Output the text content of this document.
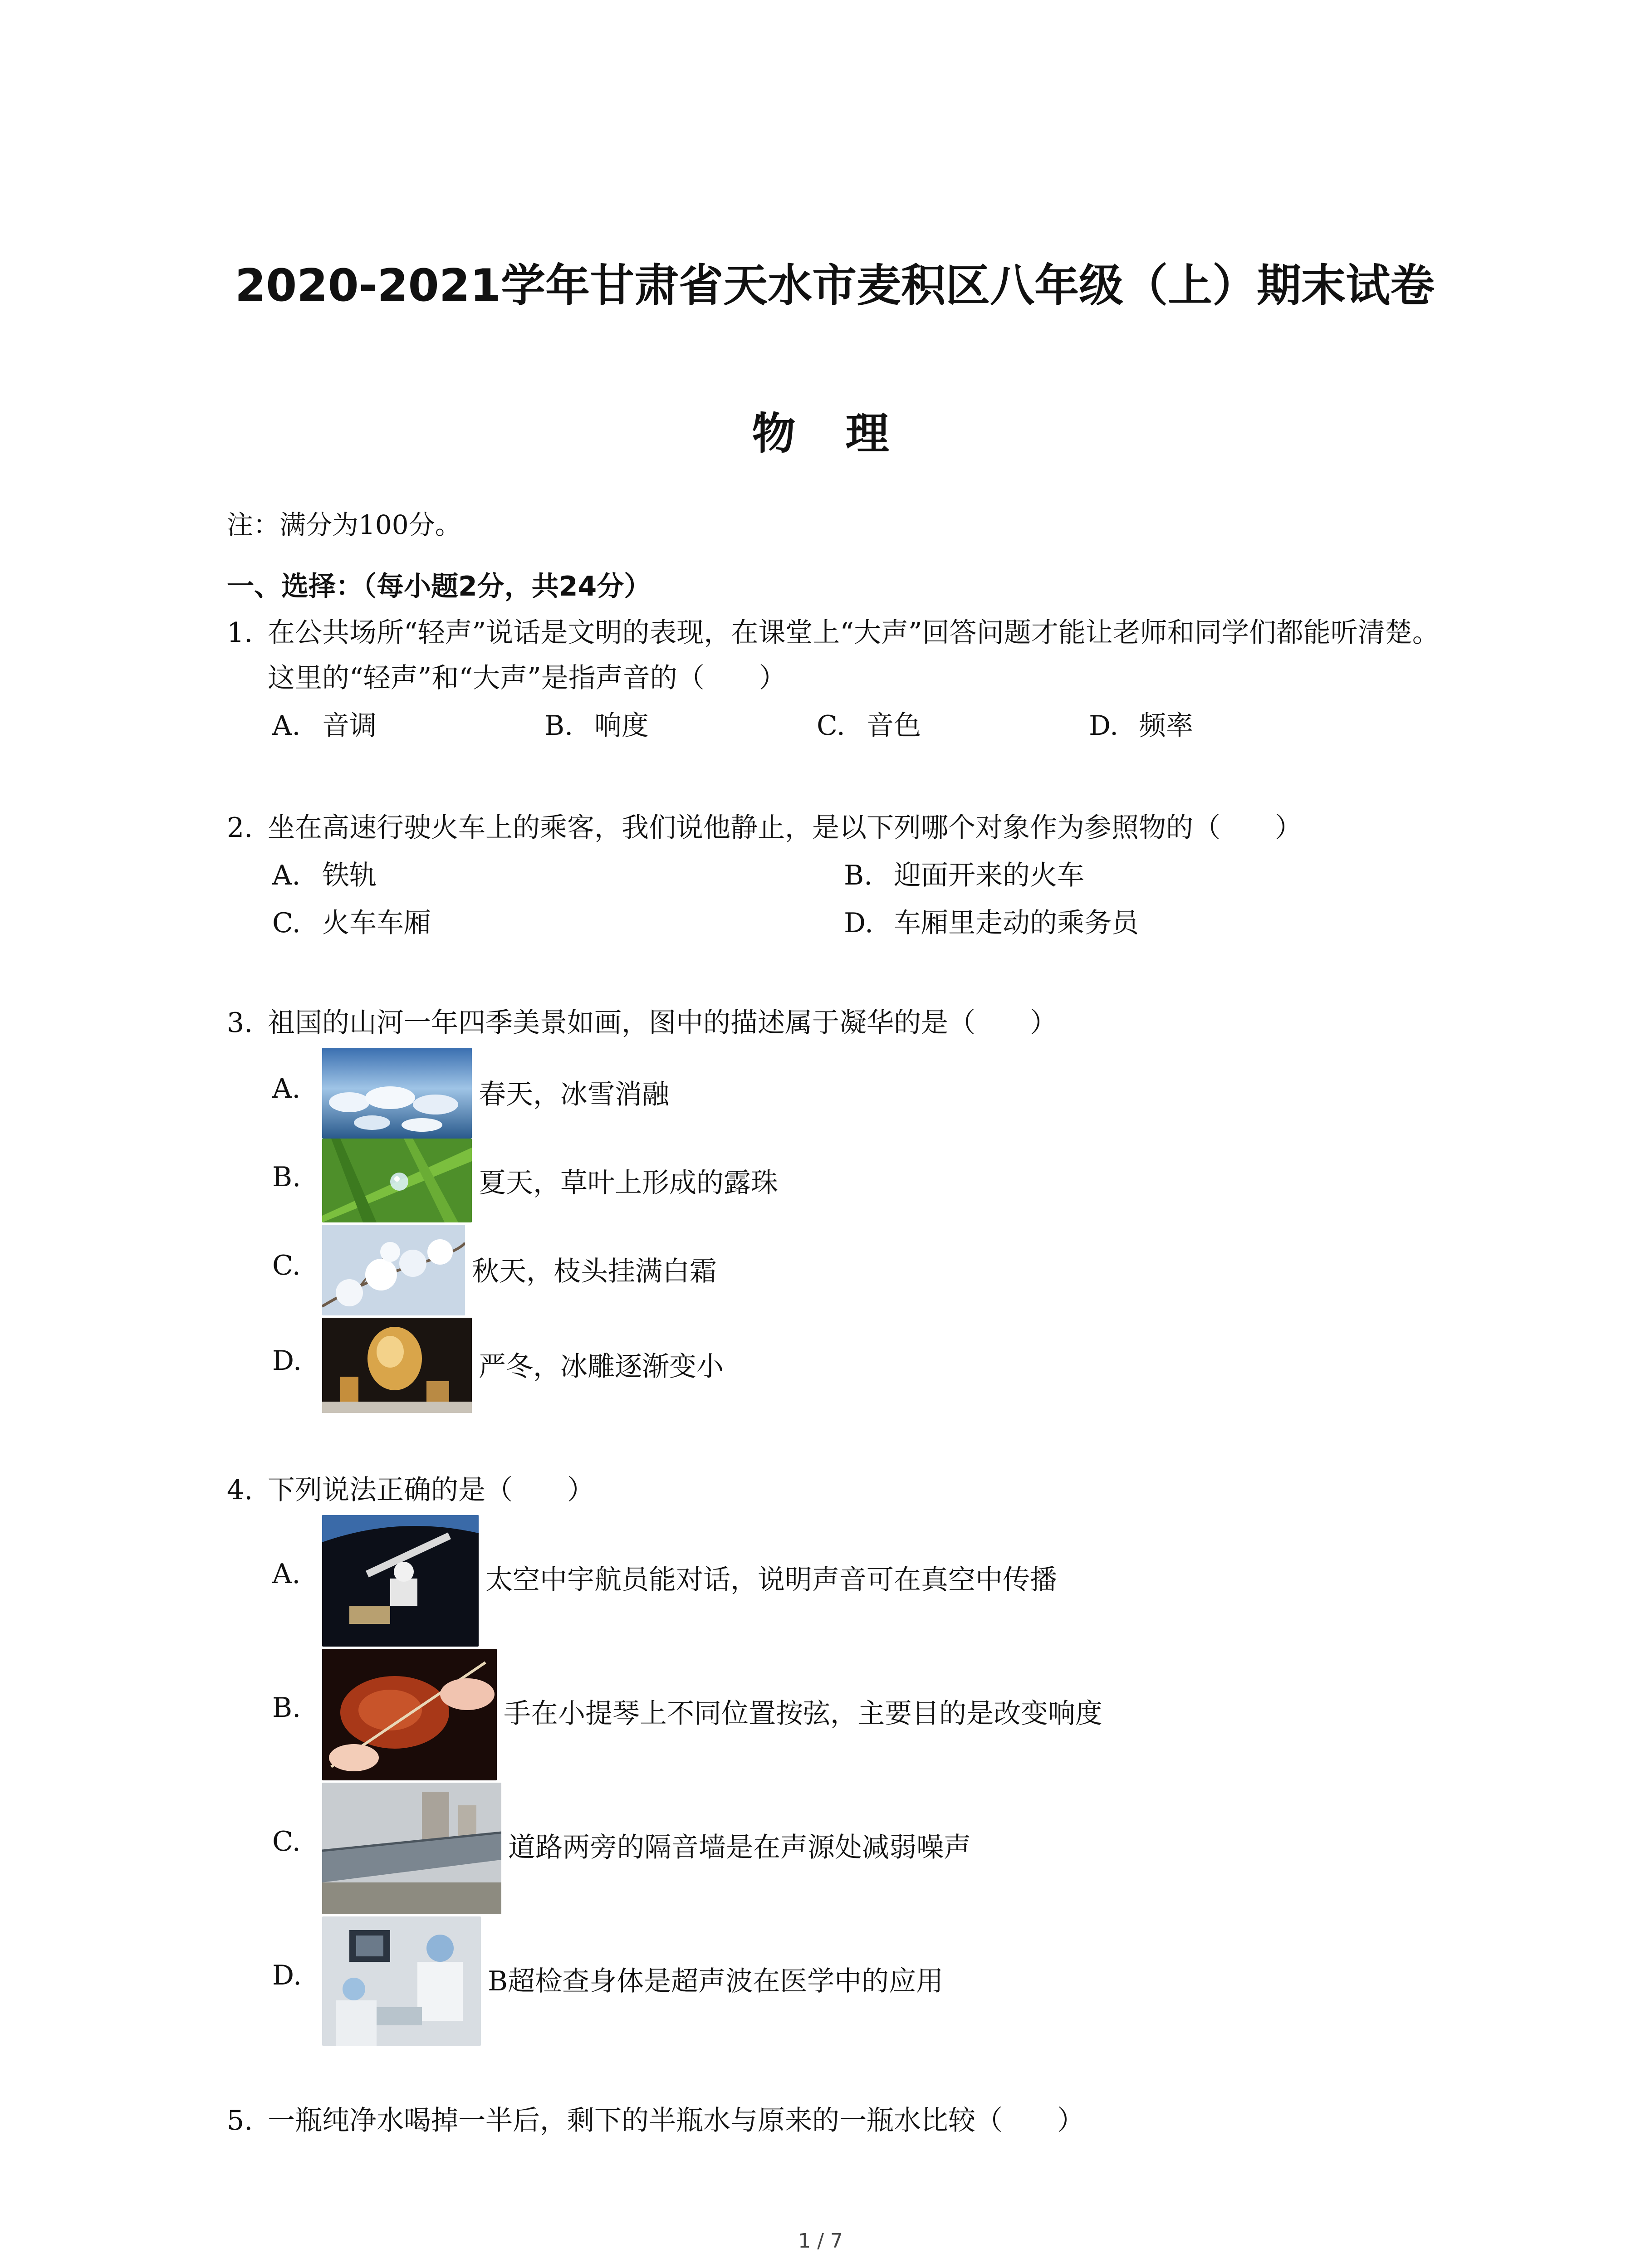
2020-2021学年甘肃省天水市麦积区八年级（上）期末试卷
物理
注：满分为100分。
一、选择：（每小题2分，共24分）
1. 在公共场所“轻声”说话是文明的表现，在课堂上“大声”回答问题才能让老师和同学们都能听清楚。这里的“轻声”和“大声”是指声音的（　　）
A. 音调	B. 响度	C. 音色	D. 频率
2. 坐在高速行驶火车上的乘客，我们说他静止，是以下列哪个对象作为参照物的（　　）
A. 铁轨	B. 迎面开来的火车
C. 火车车厢	D. 车厢里走动的乘务员
3. 祖国的山河一年四季美景如画，图中的描述属于凝华的是（　　）
A.	春天，冰雪消融
B.	夏天，草叶上形成的露珠
C.	秋天，枝头挂满白霜
D.	严冬，冰雕逐渐变小
4. 下列说法正确的是（　　）
A.	太空中宇航员能对话，说明声音可在真空中传播
B.	手在小提琴上不同位置按弦，主要目的是改变响度
C.	道路两旁的隔音墙是在声源处减弱噪声
D.	B超检查身体是超声波在医学中的应用
5. 一瓶纯净水喝掉一半后，剩下的半瓶水与原来的一瓶水比较（　　）
1 / 7
